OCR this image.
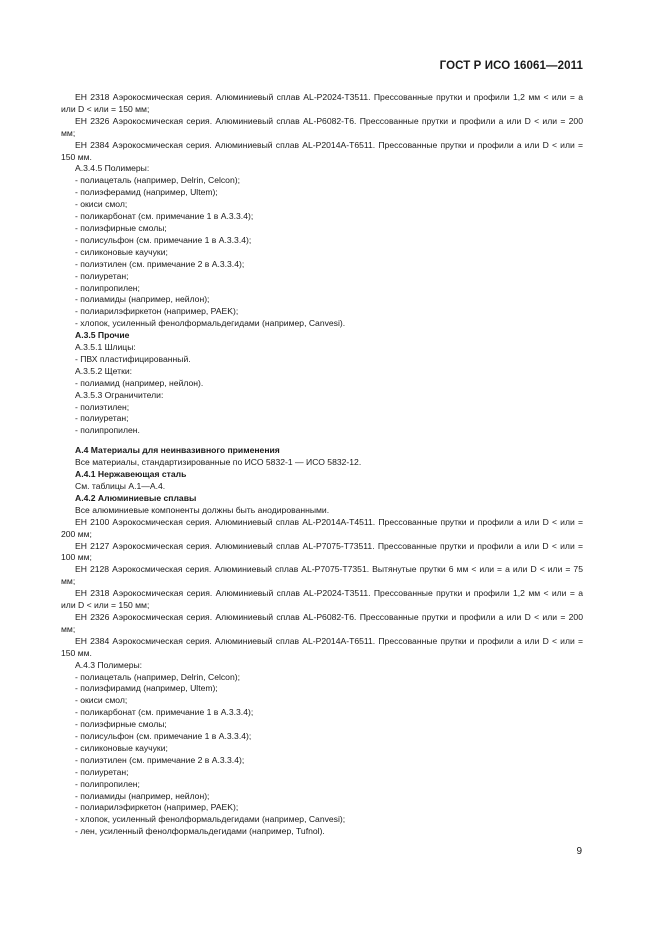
ГОСТ Р ИСО 16061—2011

ЕН 2318 Аэрокосмическая серия. Алюминиевый сплав AL-P2024-T3511. Прессованные прутки и профили 1,2 мм < или = a или D < или = 150 мм;

ЕН 2326 Аэрокосмическая серия. Алюминиевый сплав AL-P6082-T6. Прессованные прутки и профили a или D < или = 200 мм;

ЕН 2384 Аэрокосмическая серия. Алюминиевый сплав AL-P2014A-T6511. Прессованные прутки и профили a или D < или = 150 мм.

А.3.4.5 Полимеры:

- полиацеталь (например, Delrin, Celcon);

- полиэферамид (например, Ultem);

- окиси смол;

- поликарбонат (см. примечание 1 в А.3.3.4);

- полиэфирные смолы;

- полисульфон (см. примечание 1 в А.3.3.4);

- силиконовые каучуки;

- полиэтилен (см. примечание 2 в А.3.3.4);

- полиуретан;

- полипропилен;

- полиамиды (например, нейлон);

- полиарилэфиркетон (например, PAEK);

- хлопок, усиленный фенолформальдегидами (например, Canvesi).

А.3.5 Прочие

А.3.5.1 Шлицы:

- ПВХ пластифицированный.

А.3.5.2 Щетки:

- полиамид (например, нейлон).

А.3.5.3 Ограничители:

- полиэтилен;

- полиуретан;

- полипропилен.

А.4 Материалы для неинвазивного применения

Все материалы, стандартизированные по ИСО 5832-1 — ИСО 5832-12.

А.4.1 Нержавеющая сталь

См. таблицы А.1—А.4.

А.4.2 Алюминиевые сплавы

Все алюминиевые компоненты должны быть анодированными.

ЕН 2100 Аэрокосмическая серия. Алюминиевый сплав AL-P2014A-T4511. Прессованные прутки и профили a или D < или = 200 мм;

ЕН 2127 Аэрокосмическая серия. Алюминиевый сплав AL-P7075-T73511. Прессованные прутки и профили a или D < или = 100 мм;

ЕН 2128 Аэрокосмическая серия. Алюминиевый сплав AL-P7075-T7351. Вытянутые прутки 6 мм < или = a или D < или = 75 мм;

ЕН 2318 Аэрокосмическая серия. Алюминиевый сплав AL-P2024-T3511. Прессованные прутки и профили 1,2 мм < или = a или D < или = 150 мм;

ЕН 2326 Аэрокосмическая серия. Алюминиевый сплав AL-P6082-T6. Прессованные прутки и профили a или D < или = 200 мм;

ЕН 2384 Аэрокосмическая серия. Алюминиевый сплав AL-P2014A-T6511. Прессованные прутки и профили a или D < или = 150 мм.

А.4.3 Полимеры:

- полиацеталь (например, Delrin, Celcon);

- полиэфирамид (например, Ultem);

- окиси смол;

- поликарбонат (см. примечание 1 в А.3.3.4);

- полиэфирные смолы;

- полисульфон (см. примечание 1 в А.3.3.4);

- силиконовые каучуки;

- полиэтилен (см. примечание 2 в А.3.3.4);

- полиуретан;

- полипропилен;

- полиамиды (например, нейлон);

- полиарилэфиркетон (например, PAEK);

- хлопок, усиленный фенолформальдегидами (например, Canvesi);

- лен, усиленный фенолформальдегидами (например, Tufnol).

9
